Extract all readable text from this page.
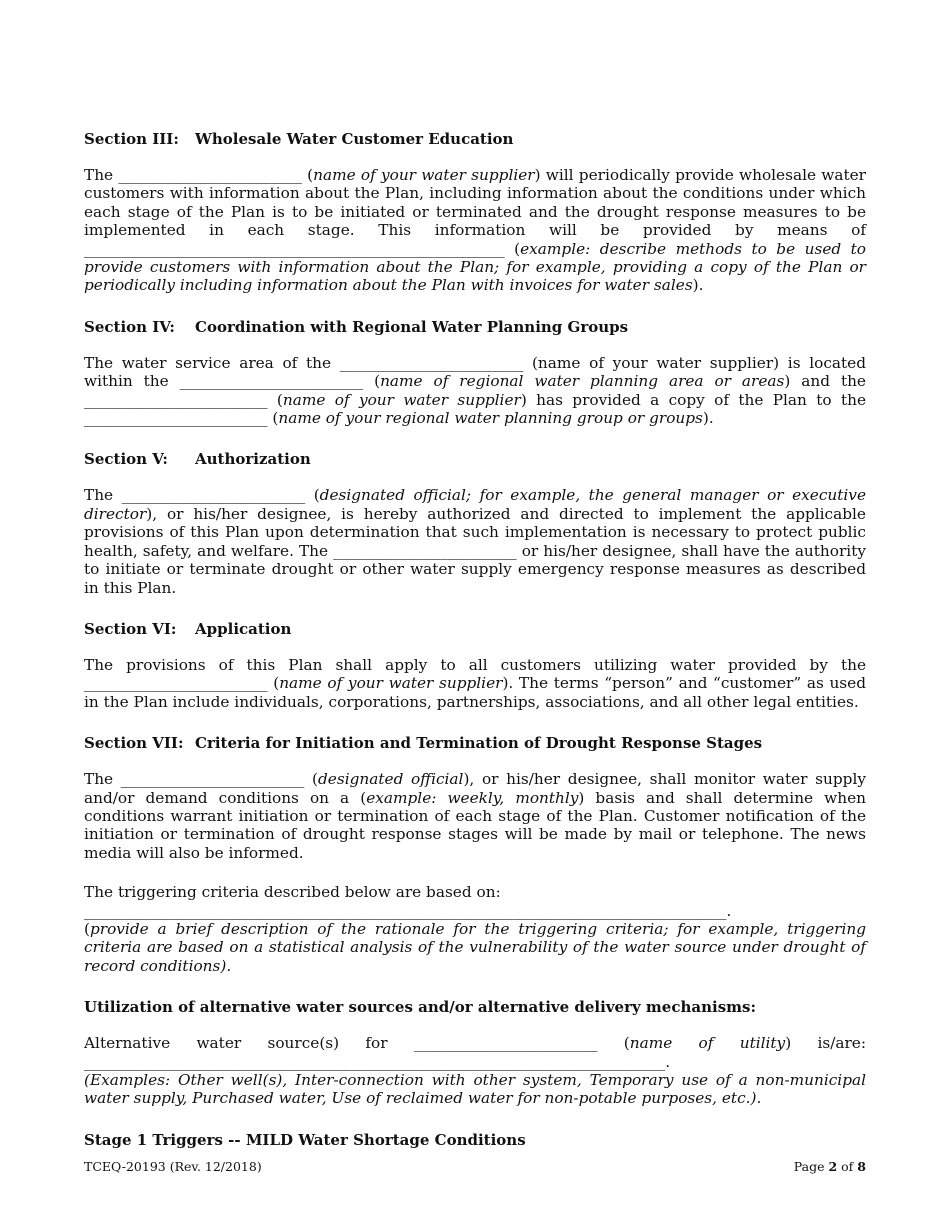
Section III: Wholesale Water Customer Education

The ________________________ (name of your water supplier) will periodically provide wholesale water customers with information about the Plan, including information about the conditions under which each stage of the Plan is to be initiated or terminated and the drought response measures to be implemented in each stage. This information will be provided by means of _______________________________________________________ (example: describe methods to be used to provide customers with information about the Plan; for example, providing a copy of the Plan or periodically including information about the Plan with invoices for water sales).

Section IV: Coordination with Regional Water Planning Groups

The water service area of the ________________________ (name of your water supplier) is located within the ________________________ (name of regional water planning area or areas) and the ________________________ (name of your water supplier) has provided a copy of the Plan to the ________________________ (name of your regional water planning group or groups).

Section V: Authorization

The ________________________ (designated official; for example, the general manager or executive director), or his/her designee, is hereby authorized and directed to implement the applicable provisions of this Plan upon determination that such implementation is necessary to protect public health, safety, and welfare. The ________________________ or his/her designee, shall have the authority to initiate or terminate drought or other water supply emergency response measures as described in this Plan.

Section VI: Application

The provisions of this Plan shall apply to all customers utilizing water provided by the ________________________ (name of your water supplier). The terms “person” and “customer” as used in the Plan include individuals, corporations, partnerships, associations, and all other legal entities.

Section VII: Criteria for Initiation and Termination of Drought Response Stages

The ________________________ (designated official), or his/her designee, shall monitor water supply and/or demand conditions on a (example: weekly, monthly) basis and shall determine when conditions warrant initiation or termination of each stage of the Plan. Customer notification of the initiation or termination of drought response stages will be made by mail or telephone. The news media will also be informed.

The triggering criteria described below are based on:

____________________________________________________________________________________.

(provide a brief description of the rationale for the triggering criteria; for example, triggering criteria are based on a statistical analysis of the vulnerability of the water source under drought of record conditions).

Utilization of alternative water sources and/or alternative delivery mechanisms:

Alternative water source(s) for ________________________ (name of utility) is/are:

____________________________________________________________________________.

(Examples: Other well(s), Inter-connection with other system, Temporary use of a non-municipal water supply, Purchased water, Use of reclaimed water for non-potable purposes, etc.).

Stage 1 Triggers -- MILD Water Shortage Conditions
TCEQ-20193 (Rev. 12/2018)	Page 2 of 8
